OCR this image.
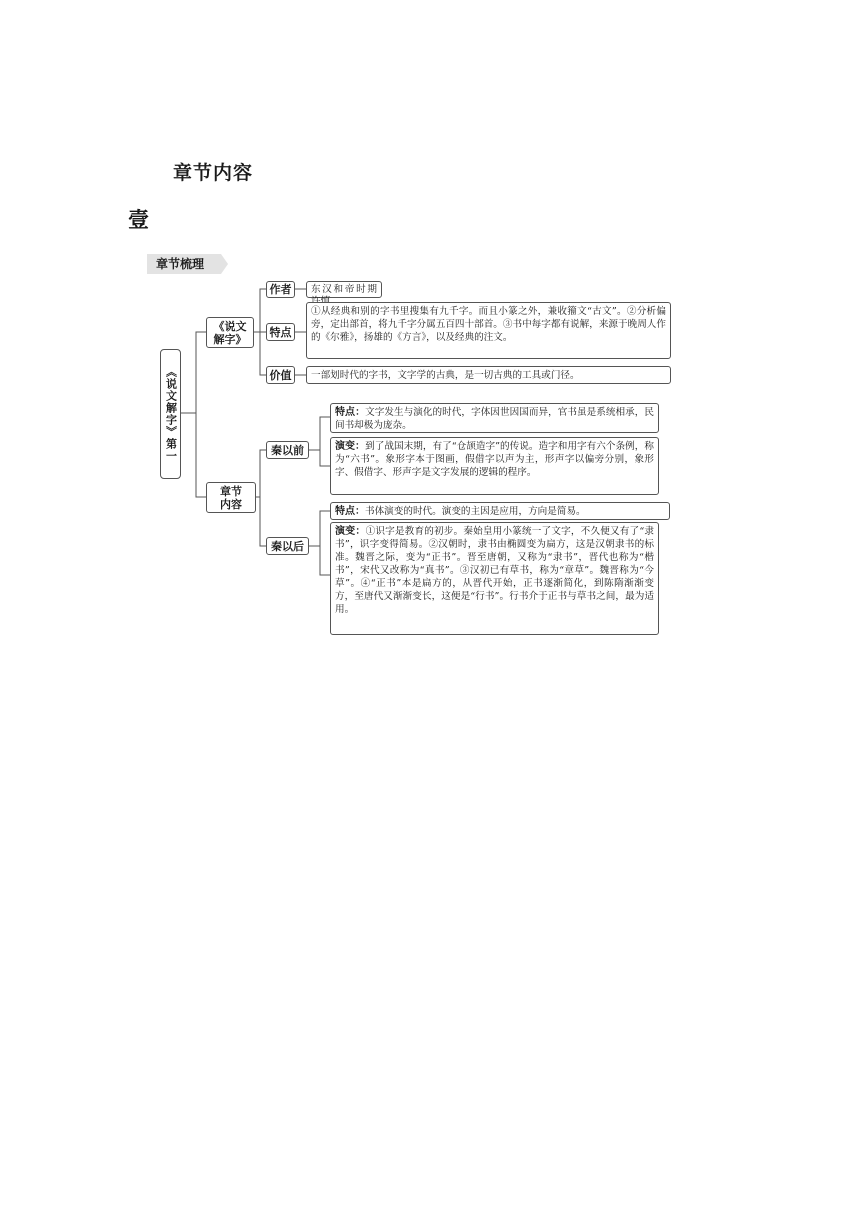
章节内容
壹
章节梳理
《说文解字》第一
《说文解字》
作者	东汉和帝时期
特点
①从经典和别的字书里搜集有九千字。而且小篆之外，兼收籀文“古文”。②分析偏旁，定出部首，将九千字分属五百四十部首。③书中每字都有说解，来源于晚周人作的《尔雅》，扬雄的《方言》，以及经典的注文。
价值	一部划时代的字书，文字学的古典，是一切古典的工具或门径。
章节内容
秦以前
特点：文字发生与演化的时代，字体因世因国而异，官书虽是系统相承，民间书却极为庞杂。
演变：到了战国末期，有了“仓颉造字”的传说。造字和用字有六个条例，称为“六书”。象形字本于图画，假借字以声为主，形声字以偏旁分别，象形字、假借字、形声字是文字发展的逻辑的程序。
秦以后
特点：书体演变的时代。演变的主因是应用，方向是简易。
演变：①识字是教育的初步。秦始皇用小篆统一了文字，不久便又有了“隶书”，识字变得简易。②汉朝时，隶书由椭圆变为扁方，这是汉朝隶书的标准。魏晋之际，变为“正书”。晋至唐朝，又称为“隶书”，晋代也称为“楷书”，宋代又改称为“真书”。③汉初已有草书，称为“章草”。魏晋称为“今草”。④“正书”本是扁方的，从晋代开始，正书逐渐简化，到陈隋渐渐变方，至唐代又渐渐变长，这便是“行书”。行书介于正书与草书之间，最为适用。
